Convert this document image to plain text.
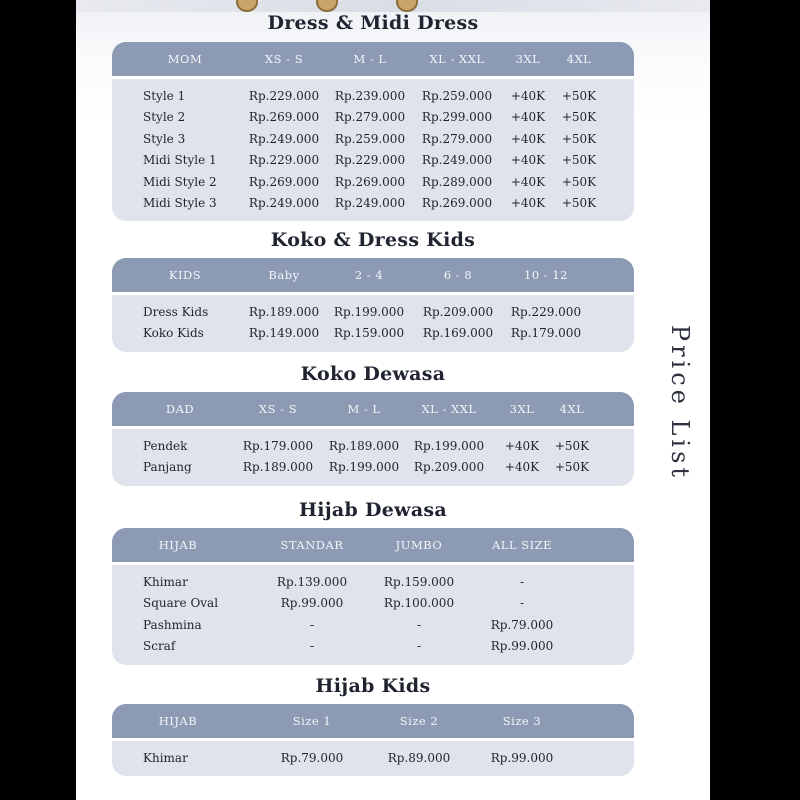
Dress & Midi Dress
MOM	XS - S	M - L	XL - XXL	3XL 4XL
Style 1	Rp.229.000 Rp.239.000 Rp.259.000 +40K +50K
Style 2	Rp.269.000 Rp.279.000 Rp.299.000 +40K +50K
Style 3	Rp.249.000 Rp.259.000 Rp.279.000 +40K +50K
Midi Style 1	Rp.229.000 Rp.229.000 Rp.249.000 +40K +50K
Midi Style 2	Rp.269.000 Rp.269.000 Rp.289.000 +40K +50K
Midi Style 3	Rp.249.000 Rp.249.000 Rp.269.000 +40K +50K
Koko & Dress Kids
KIDS	Baby	2 - 4	6 - 8	10 - 12
Dress Kids	Rp.189.000 Rp.199.000 Rp.209.000 Rp.229.000
Koko Kids	Rp.149.000 Rp.159.000 Rp.169.000 Rp.179.000
Koko Dewasa
DAD	XS - S	M - L	XL - XXL	3XL 4XL
Pendek	Rp.179.000 Rp.189.000 Rp.199.000 +40K +50K
Panjang	Rp.189.000 Rp.199.000 Rp.209.000 +40K +50K
Hijab Dewasa
HIJAB	STANDAR	JUMBO	ALL SIZE
Khimar	Rp.139.000	Rp.159.000	-
Square Oval	Rp.99.000	Rp.100.000	-
Pashmina	-	-	Rp.79.000
Scraf	-	-	Rp.99.000
Hijab Kids
HIJAB	Size 1	Size 2	Size 3
Khimar	Rp.79.000	Rp.89.000	Rp.99.000
Price List
